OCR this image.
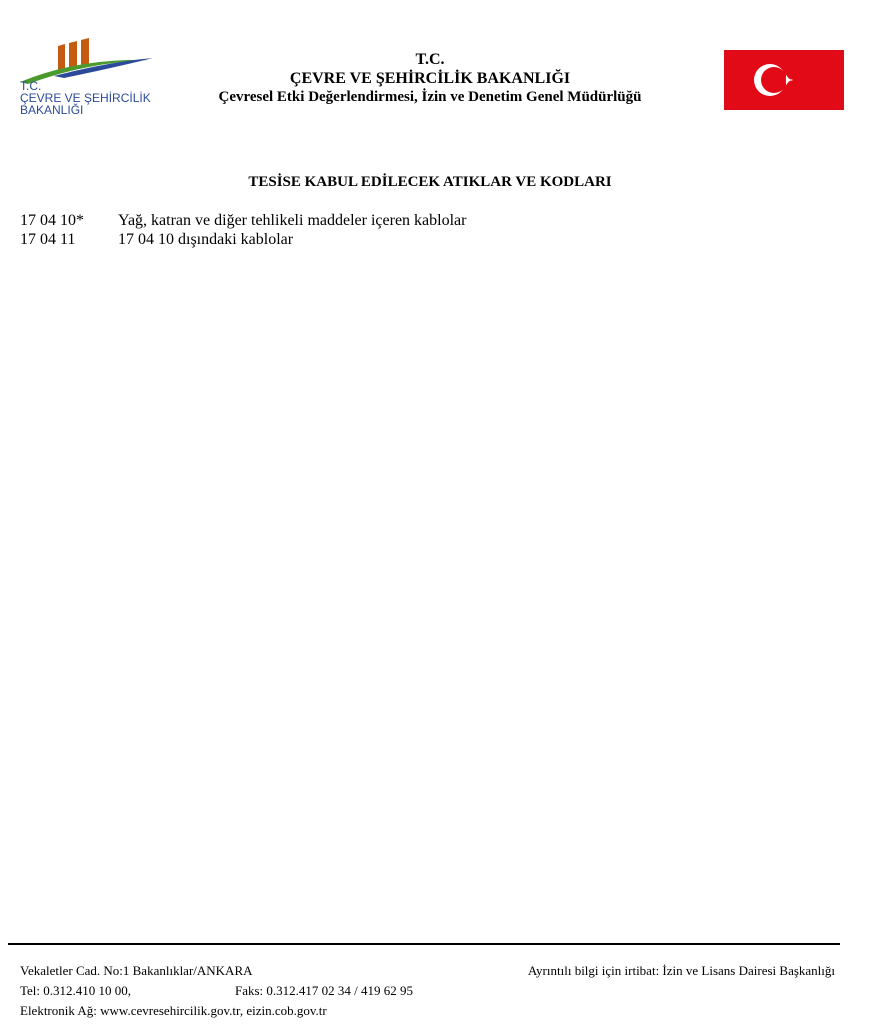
T.C.
ÇEVRE VE ŞEHİRCİLİK
BAKANLIĞI
T.C.
ÇEVRE VE ŞEHİRCİLİK BAKANLIĞI
Çevresel Etki Değerlendirmesi, İzin ve Denetim Genel Müdürlüğü
TESİSE KABUL EDİLECEK ATIKLAR VE KODLARI
17 04 10*	Yağ, katran ve diğer tehlikeli maddeler içeren kablolar
17 04 11	17 04 10 dışındaki kablolar
Vekaletler Cad. No:1 Bakanlıklar/ANKARA	Ayrıntılı bilgi için irtibat: İzin ve Lisans Dairesi Başkanlığı
Tel: 0.312.410 10 00,	Faks: 0.312.417 02 34 / 419 62 95
Elektronik Ağ: www.cevresehircilik.gov.tr, eizin.cob.gov.tr
